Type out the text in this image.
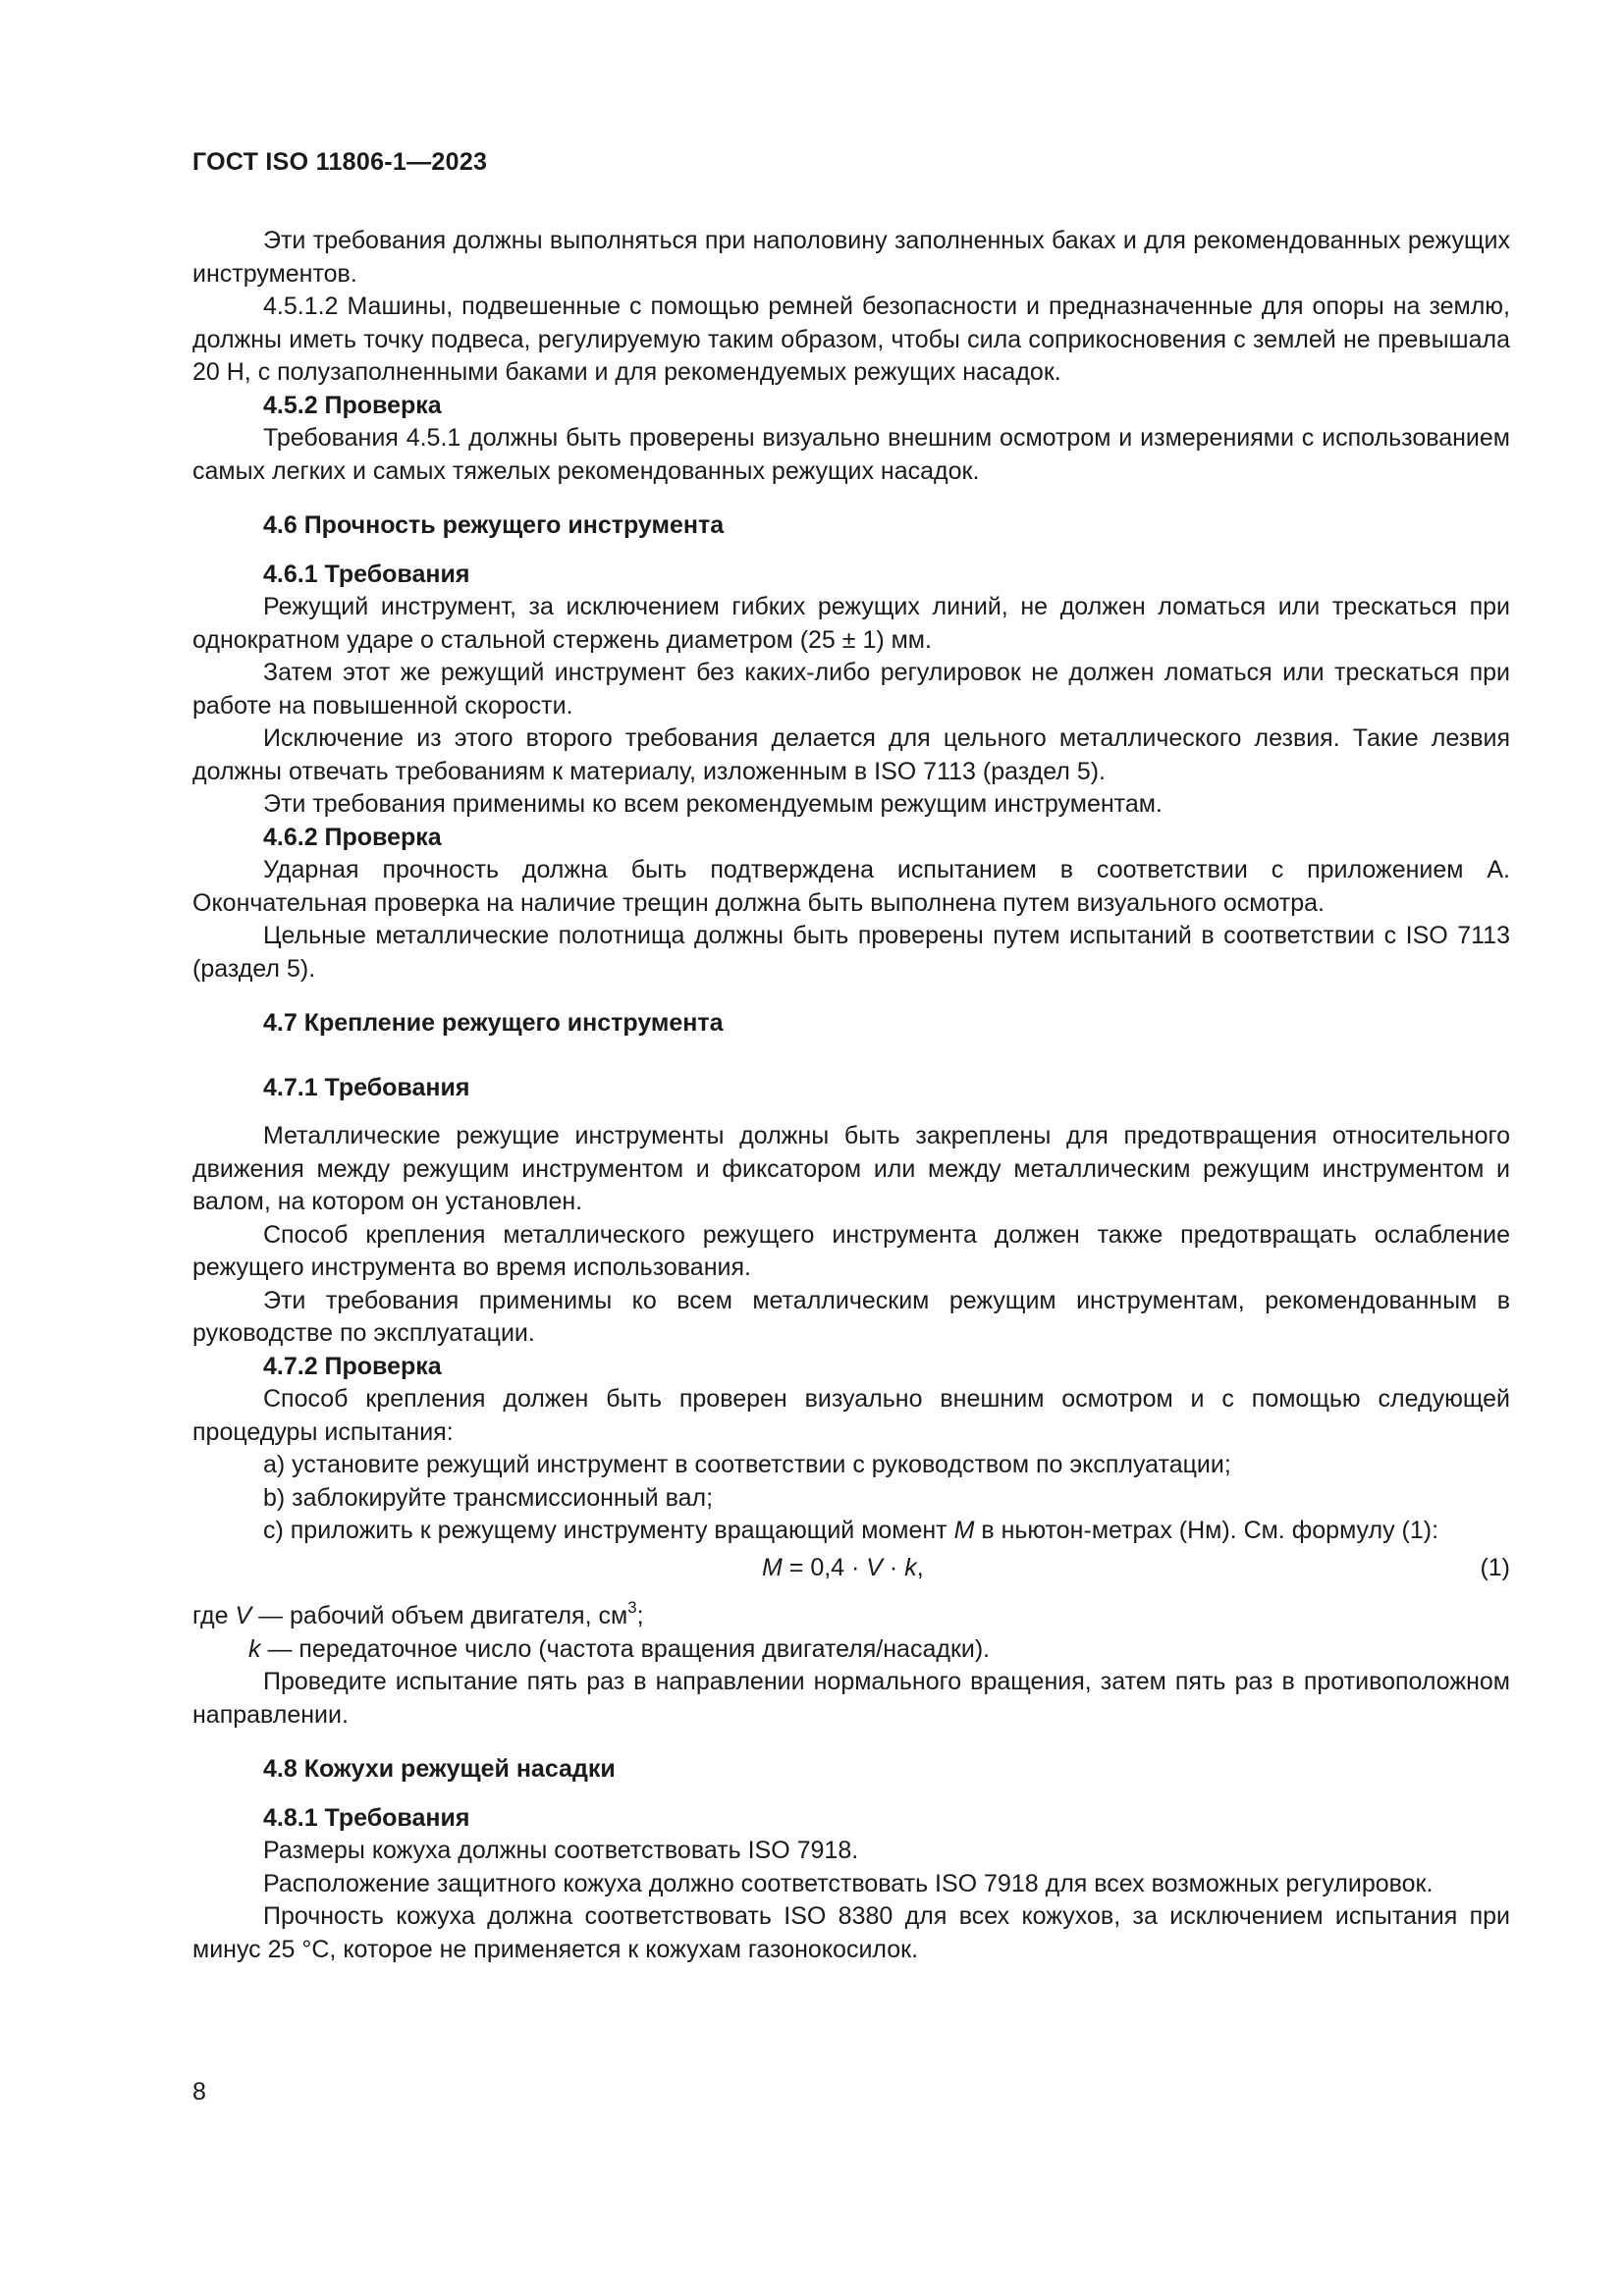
ГОСТ ISO 11806-1—2023

Эти требования должны выполняться при наполовину заполненных баках и для рекомендованных режущих инструментов.

4.5.1.2 Машины, подвешенные с помощью ремней безопасности и предназначенные для опоры на землю, должны иметь точку подвеса, регулируемую таким образом, чтобы сила соприкосновения с землей не превышала 20 Н, с полузаполненными баками и для рекомендуемых режущих насадок.

4.5.2 Проверка

Требования 4.5.1 должны быть проверены визуально внешним осмотром и измерениями с использованием самых легких и самых тяжелых рекомендованных режущих насадок.

4.6 Прочность режущего инструмента

4.6.1 Требования

Режущий инструмент, за исключением гибких режущих линий, не должен ломаться или трескаться при однократном ударе о стальной стержень диаметром (25 ± 1) мм.

Затем этот же режущий инструмент без каких-либо регулировок не должен ломаться или трескаться при работе на повышенной скорости.

Исключение из этого второго требования делается для цельного металлического лезвия. Такие лезвия должны отвечать требованиям к материалу, изложенным в ISO 7113 (раздел 5).

Эти требования применимы ко всем рекомендуемым режущим инструментам.

4.6.2 Проверка

Ударная прочность должна быть подтверждена испытанием в соответствии с приложением А. Окончательная проверка на наличие трещин должна быть выполнена путем визуального осмотра.

Цельные металлические полотнища должны быть проверены путем испытаний в соответствии с ISO 7113 (раздел 5).

4.7 Крепление режущего инструмента

4.7.1 Требования

Металлические режущие инструменты должны быть закреплены для предотвращения относительного движения между режущим инструментом и фиксатором или между металлическим режущим инструментом и валом, на котором он установлен.

Способ крепления металлического режущего инструмента должен также предотвращать ослабление режущего инструмента во время использования.

Эти требования применимы ко всем металлическим режущим инструментам, рекомендованным в руководстве по эксплуатации.

4.7.2 Проверка

Способ крепления должен быть проверен визуально внешним осмотром и с помощью следующей процедуры испытания:

a) установите режущий инструмент в соответствии с руководством по эксплуатации;

b) заблокируйте трансмиссионный вал;

c) приложить к режущему инструменту вращающий момент M в ньютон-метрах (Нм). См. формулу (1):

M = 0,4 · V · k,	(1)

где V — рабочий объем двигателя, $см^3$;

k — передаточное число (частота вращения двигателя/насадки).

Проведите испытание пять раз в направлении нормального вращения, затем пять раз в противоположном направлении.

4.8 Кожухи режущей насадки

4.8.1 Требования

Размеры кожуха должны соответствовать ISO 7918.

Расположение защитного кожуха должно соответствовать ISO 7918 для всех возможных регулировок.

Прочность кожуха должна соответствовать ISO 8380 для всех кожухов, за исключением испытания при минус 25 °С, которое не применяется к кожухам газонокосилок.

8
